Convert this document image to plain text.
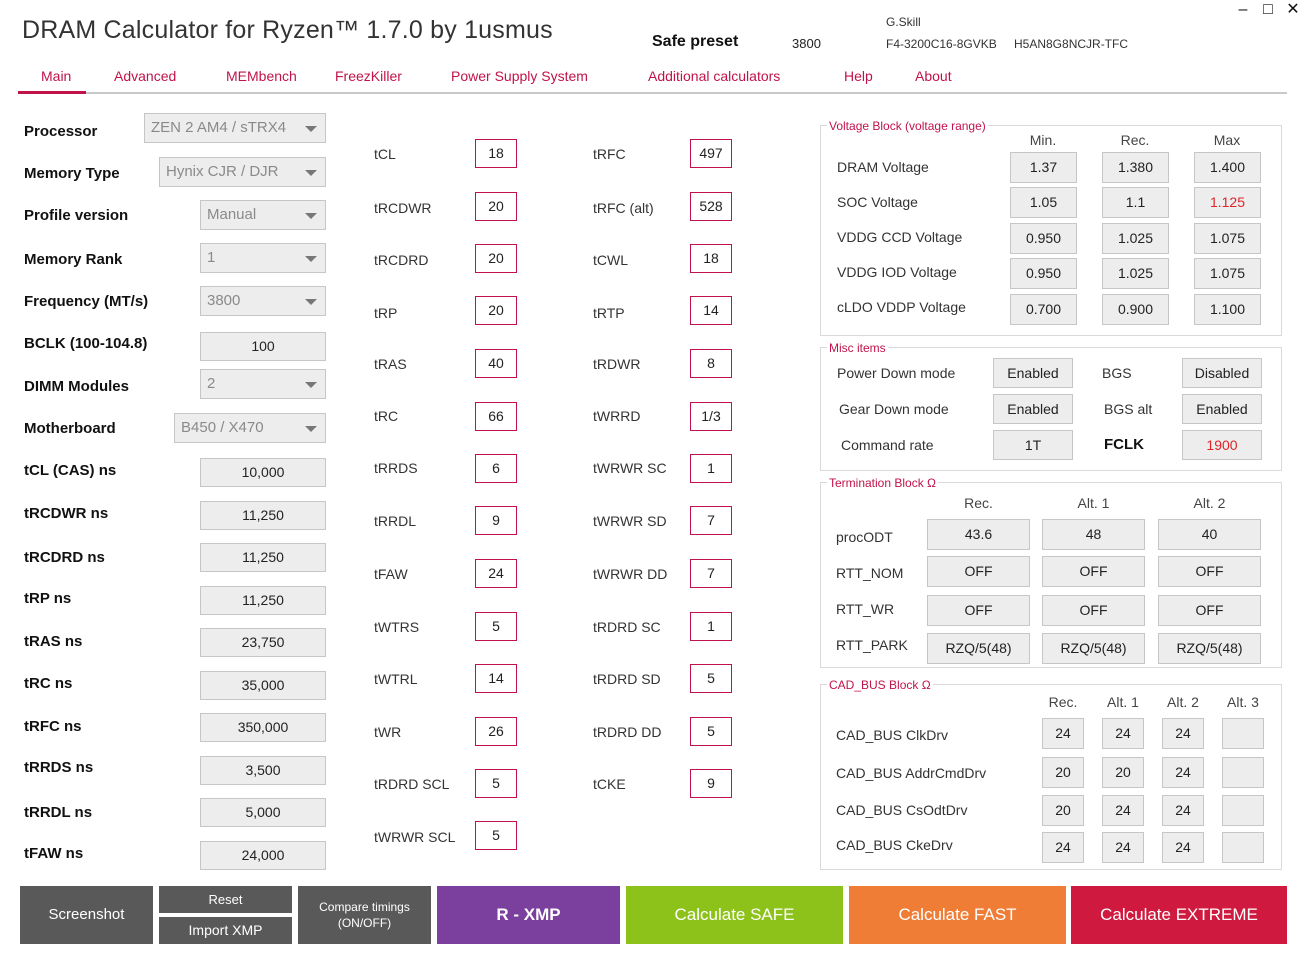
DRAM Calculator for Ryzen™ 1.7.0 by 1usmus	Safe preset	3800
G.Skill
F4-3200C16-8GVKB H5AN8G8NCJR-TFC
– □ ✕
Main	Advanced	MEMbench	FreezKiller	Power Supply System	Additional calculators	Help	About
Processor	ZEN 2 AM4 / sTRX4
Memory Type	Hynix CJR / DJR
Profile version	Manual
Memory Rank	1
Frequency (MT/s)	3800
BCLK (100-104.8)	100
DIMM Modules	2
Motherboard	B450 / X470
tCL (CAS) ns	10,000
tRCDWR ns	11,250
tRCDRD ns	11,250
tRP ns	11,250
tRAS ns	23,750
tRC ns	35,000
tRFC ns	350,000
tRRDS ns	3,500
tRRDL ns	5,000
tFAW ns	24,000
tCL	18
tRCDWR	20
tRCDRD	20
tRP	20
tRAS	40
tRC	66
tRRDS	6
tRRDL	9
tFAW	24
tWTRS	5
tWTRL	14
tWR	26
tRDRD SCL	5
tWRWR SCL	5
tRFC	497
tRFC (alt)	528
tCWL	18
tRTP	14
tRDWR	8
tWRRD	1/3
tWRWR SC	1
tWRWR SD	7
tWRWR DD	7
tRDRD SC	1
tRDRD SD	5
tRDRD DD	5
tCKE	9
Voltage Block (voltage range)
Min.	Rec.	Max
DRAM Voltage	1.37	1.380	1.400
SOC Voltage	1.05	1.1	1.125
VDDG CCD Voltage	0.950	1.025	1.075
VDDG IOD Voltage	0.950	1.025	1.075
cLDO VDDP Voltage	0.700	0.900	1.100
Misc items
Power Down mode	Enabled
Gear Down mode	Enabled
Command rate	1T
BGS	Disabled
BGS alt	Enabled
FCLK	1900
Termination Block Ω
Rec.	Alt. 1	Alt. 2
procODT	43.6	48	40
RTT_NOM	OFF	OFF	OFF
RTT_WR	OFF	OFF	OFF
RTT_PARK	RZQ/5(48)	RZQ/5(48)	RZQ/5(48)
CAD_BUS Block Ω
Rec.	Alt. 1	Alt. 2	Alt. 3
CAD_BUS ClkDrv	24	24	24
CAD_BUS AddrCmdDrv	20	20	24
CAD_BUS CsOdtDrv	20	24	24
CAD_BUS CkeDrv	24	24	24
Screenshot
Reset
Import XMP
Compare timings
(ON/OFF)	R - XMP	Calculate SAFE	Calculate FAST	Calculate EXTREME
